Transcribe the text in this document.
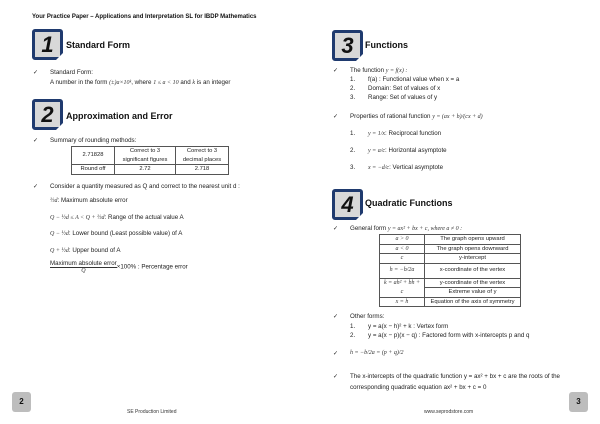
Your Practice Paper – Applications and Interpretation SL for IBDP Mathematics
1	Standard Form
✓ Standard Form:
A number in the form (±)a×10ᵏ, where 1 ≤ a < 10 and k is an integer
2	Approximation and Error
✓ Summary of rounding methods:
2.71828	Correct to 3 significant figures	Correct to 3 decimal places
Round off	2.72	2.718
✓ Consider a quantity measured as Q and correct to the nearest unit d :
½d: Maximum absolute error
Q − ½d ≤ A < Q + ½d: Range of the actual value A
Q − ½d: Lower bound (Least possible value) of A
Q + ½d: Upper bound of A
Maximum absolute error
Q
×100% : Percentage error
3	Functions
✓ The function y = f(x) :
1. f(a) : Functional value when x = a
2. Domain: Set of values of x
3. Range: Set of values of y
✓ Properties of rational function y = (ax + b)/(cx + d)
1. y = 1/x: Reciprocal function
2. y = a/c: Horizontal asymptote
3. x = −d/c: Vertical asymptote
4	Quadratic Functions
✓ General form y = ax² + bx + c, where a ≠ 0 :
a > 0	The graph opens upward
a < 0	The graph opens downward
c	y-intercept
h = −b/2a	x-coordinate of the vertex
k = ah² + bh + c	y-coordinate of the vertex
	Extreme value of y
x = h	Equation of the axis of symmetry
✓ Other forms:
1. y = a(x − h)² + k : Vertex form
2. y = a(x − p)(x − q) : Factored form with x-intercepts p and q
✓ h = −b/2a = (p + q)/2
✓ The x-intercepts of the quadratic function y = ax² + bx + c are the roots of the
corresponding quadratic equation ax² + bx + c = 0
2
SE Production Limited
3
www.seprodstore.com
